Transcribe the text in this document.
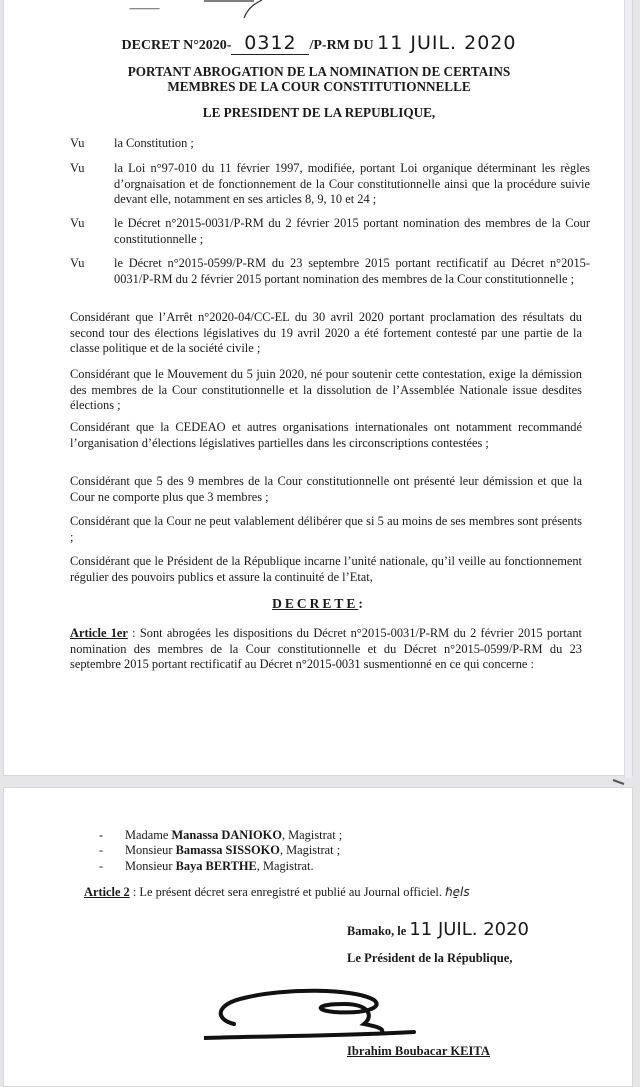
---------------
DECRET N°2020- 0312 /P-RM DU 11 JUIL. 2020
PORTANT ABROGATION DE LA NOMINATION DE CERTAINS
MEMBRES DE LA COUR CONSTITUTIONNELLE
LE PRESIDENT DE LA REPUBLIQUE,
Vu	la Constitution ;
Vu	la Loi n°97-010 du 11 février 1997, modifiée, portant Loi organique déterminant les règles d’orgnaisation et de fonctionnement de la Cour constitutionnelle ainsi que la procédure suivie devant elle, notamment en ses articles 8, 9, 10 et 24 ;
Vu	le Décret n°2015-0031/P-RM du 2 février 2015 portant nomination des membres de la Cour constitutionnelle ;
Vu	le Décret n°2015-0599/P-RM du 23 septembre 2015 portant rectificatif au Décret n°2015-0031/P-RM du 2 février 2015 portant nomination des membres de la Cour constitutionnelle ;
Considérant que l’Arrêt n°2020-04/CC-EL du 30 avril 2020 portant proclamation des résultats du second tour des élections législatives du 19 avril 2020 a été fortement contesté par une partie de la classe politique et de la société civile ;
Considérant que le Mouvement du 5 juin 2020, né pour soutenir cette contestation, exige la démission des membres de la Cour constitutionnelle et la dissolution de l’Assemblée Nationale issue desdites élections ;
Considérant que la CEDEAO et autres organisations internationales ont notamment recommandé l’organisation d’élections législatives partielles dans les circonscriptions contestées ;
Considérant que 5 des 9 membres de la Cour constitutionnelle ont présenté leur démission et que la Cour ne comporte plus que 3 membres ;
Considérant que la Cour ne peut valablement délibérer que si 5 au moins de ses membres sont présents ;
Considérant que le Président de la République incarne l’unité nationale, qu’il veille au fonctionnement régulier des pouvoirs publics et assure la continuité de l’Etat,
DECRETE:
Article 1er : Sont abrogées les dispositions du Décret n°2015-0031/P-RM du 2 février 2015 portant nomination des membres de la Cour constitutionnelle et du Décret n°2015-0599/P-RM du 23 septembre 2015 portant rectificatif au Décret n°2015-0031 susmentionné en ce qui concerne :
-	Madame Manassa DANIOKO, Magistrat ;
-	Monsieur Bamassa SISSOKO, Magistrat ;
-	Monsieur Baya BERTHE, Magistrat.
Article 2 : Le présent décret sera enregistré et publié au Journal officiel. ℏe̱ls
Bamako, le 11 JUIL. 2020
Le Président de la République,
Ibrahim Boubacar KEITA
